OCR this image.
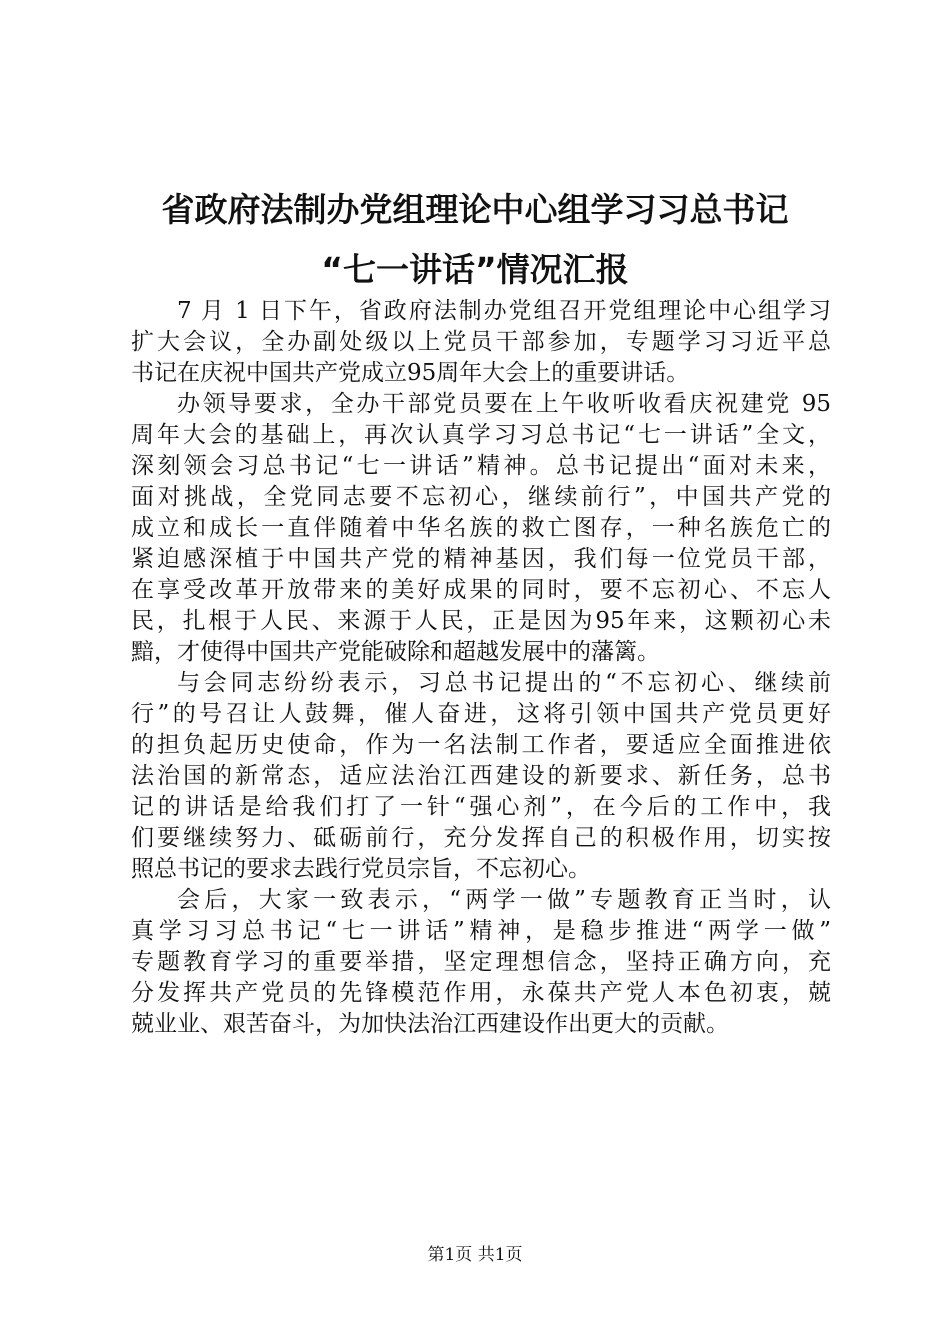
省政府法制办党组理论中心组学习习总书记
“七一讲话”情况汇报
7 月 1 日下午，省政府法制办党组召开党组理论中心组学习
扩大会议，全办副处级以上党员干部参加，专题学习习近平总
书记在庆祝中国共产党成立95周年大会上的重要讲话。
办领导要求，全办干部党员要在上午收听收看庆祝建党 95
周年大会的基础上，再次认真学习习总书记“七一讲话”全文，
深刻领会习总书记“七一讲话”精神。总书记提出“面对未来，
面对挑战，全党同志要不忘初心，继续前行”，中国共产党的
成立和成长一直伴随着中华名族的救亡图存，一种名族危亡的
紧迫感深植于中国共产党的精神基因，我们每一位党员干部，
在享受改革开放带来的美好成果的同时，要不忘初心、不忘人
民，扎根于人民、来源于人民，正是因为95年来，这颗初心未
黯，才使得中国共产党能破除和超越发展中的藩篱。
与会同志纷纷表示，习总书记提出的“不忘初心、继续前
行”的号召让人鼓舞，催人奋进，这将引领中国共产党员更好
的担负起历史使命，作为一名法制工作者，要适应全面推进依
法治国的新常态，适应法治江西建设的新要求、新任务，总书
记的讲话是给我们打了一针“强心剂”，在今后的工作中，我
们要继续努力、砥砺前行，充分发挥自己的积极作用，切实按
照总书记的要求去践行党员宗旨，不忘初心。
会后，大家一致表示，“两学一做”专题教育正当时，认
真学习习总书记“七一讲话”精神，是稳步推进“两学一做”
专题教育学习的重要举措，坚定理想信念，坚持正确方向，充
分发挥共产党员的先锋模范作用，永葆共产党人本色初衷，兢
兢业业、艰苦奋斗，为加快法治江西建设作出更大的贡献。
第1页 共1页
